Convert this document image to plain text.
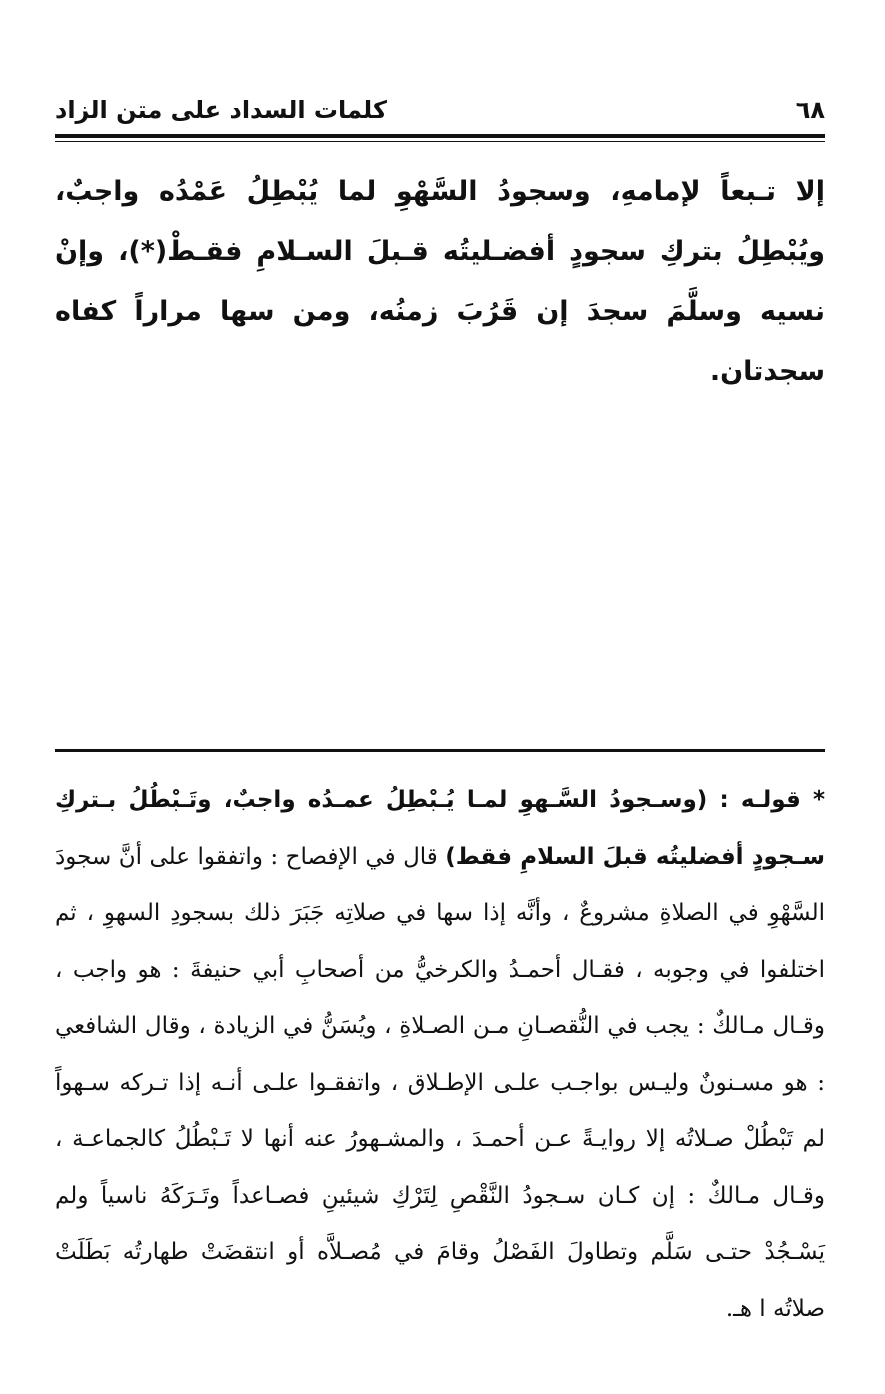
٦٨
كلمات السداد على متن الزاد

إلا تـبعاً لإمامهِ، وسجودُ السَّهْوِ لما يُبْطِلُ عَمْدُه واجبٌ، ويُبْطِلُ بتركِ سجودٍ أفضـليتُه قـبلَ السـلامِ فقـطْ(*)، وإنْ نسيه وسلَّمَ سجدَ إن قَرُبَ زمنُه، ومن سها مراراً كفاه سجدتان.

* قولـه : (وسـجودُ السَّـهوِ لمـا يُـبْطِلُ عمـدُه واجبٌ، وتَـبْطُلُ بـتركِ سـجودٍ أفضليتُه قبلَ السلامِ فقط) قال في الإفصاح : واتفقوا على أنَّ سجودَ السَّهْوِ في الصلاةِ مشروعٌ ، وأنَّه إذا سها في صلاتِه جَبَرَ ذلك بسجودِ السهوِ ، ثم اختلفوا في وجوبه ، فقـال أحمـدُ والكرخيُّ من أصحابِ أبي حنيفةَ : هو واجب ، وقـال مـالكٌ : يجب في النُّقصـانِ مـن الصـلاةِ ، ويُسَنُّ في الزيادة ، وقال الشافعي : هو مسـنونٌ وليـس بواجـب علـى الإطـلاق ، واتفقـوا علـى أنـه إذا تـركه سـهواً لم تَبْطُلْ صـلاتُه إلا روايـةً عـن أحمـدَ ، والمشـهورُ عنه أنها لا تَـبْطُلُ كالجماعـة ، وقـال مـالكٌ : إن كـان سـجودُ النَّقْصِ لِتَرْكِ شيئينِ فصـاعداً وتَـرَكَهُ ناسياً ولم يَسْـجُدْ حتـى سَلَّم وتطاولَ الفَصْلُ وقامَ في مُصـلاَّه أو انتقضَتْ طهارتُه بَطَلَتْ صلاتُه ا هـ.
